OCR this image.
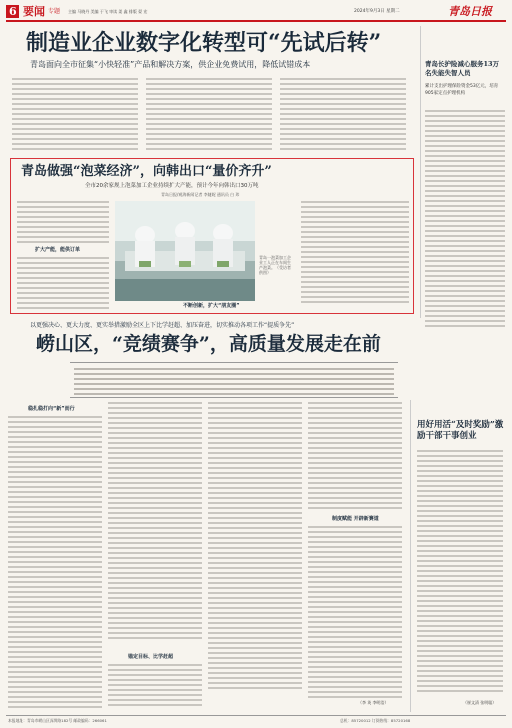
6 要闻 专题 主编 马晓丹 美编 于飞 审读 姜 鑫 排版 晏 宏	2024年9月3日 星期二	青岛日报
制造业企业数字化转型可“先试后转”
青岛面向全市征集“小快轻准”产品和解决方案，供企业免费试用，降低试错成本	青岛长护险减心服务13万名失能失智人员
累计支出护理保险资金53亿元，培育905家定点护理机构
青岛做强“泡菜经济”，向韩出口“量价齐升”
全市20余家规上泡菜加工企业持续扩大产能，预计今年向韩出口30万吨
青岛日报/观海新闻记者 李婕妮 通讯员 白 玮
扩大产能，能供订单
青岛一泡菜加工企业工人正在车间生产泡菜。（受访者供图）
不断创新，扩大“朋友圈”
以更强决心、更大力度、更实举措激励全区上下比学赶超、加压奋进，切实推动各项工作“提质争先”
崂山区，“竞绩赛争”，高质量发展走在前
稳扎稳打向“新”而行
锚定目标、比学赶超
制度赋能 开辟新赛道
（李 英 李明浩）
用好用活“及时奖励”激励干部干事创业
（崔文清 张明聪）
本报地址：青岛市崂山区深圳路182号 邮政编码：266061	总机：85720012 订阅热线：85720168
